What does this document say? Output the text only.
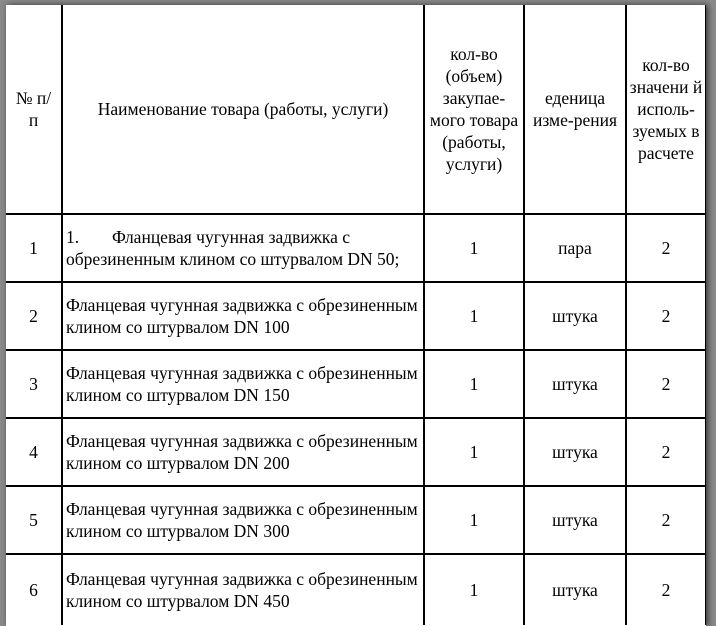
№ п/п	Наименование товара (работы, услуги)	кол-во (объем) закупае-мого товара (работы, услуги)	еденица изме-рения	кол-во значени й исполь-зуемых в расчете
1	1. Фланцевая чугунная задвижка с обрезиненным клином со штурвалом DN 50;	1	пара	2
2	Фланцевая чугунная задвижка с обрезиненным клином со штурвалом DN 100	1	штука	2
3	Фланцевая чугунная задвижка с обрезиненным клином со штурвалом DN 150	1	штука	2
4	Фланцевая чугунная задвижка с обрезиненным клином со штурвалом DN 200	1	штука	2
5	Фланцевая чугунная задвижка с обрезиненным клином со штурвалом DN 300	1	штука	2
6	Фланцевая чугунная задвижка с обрезиненным клином со штурвалом DN 450	1	штука	2
